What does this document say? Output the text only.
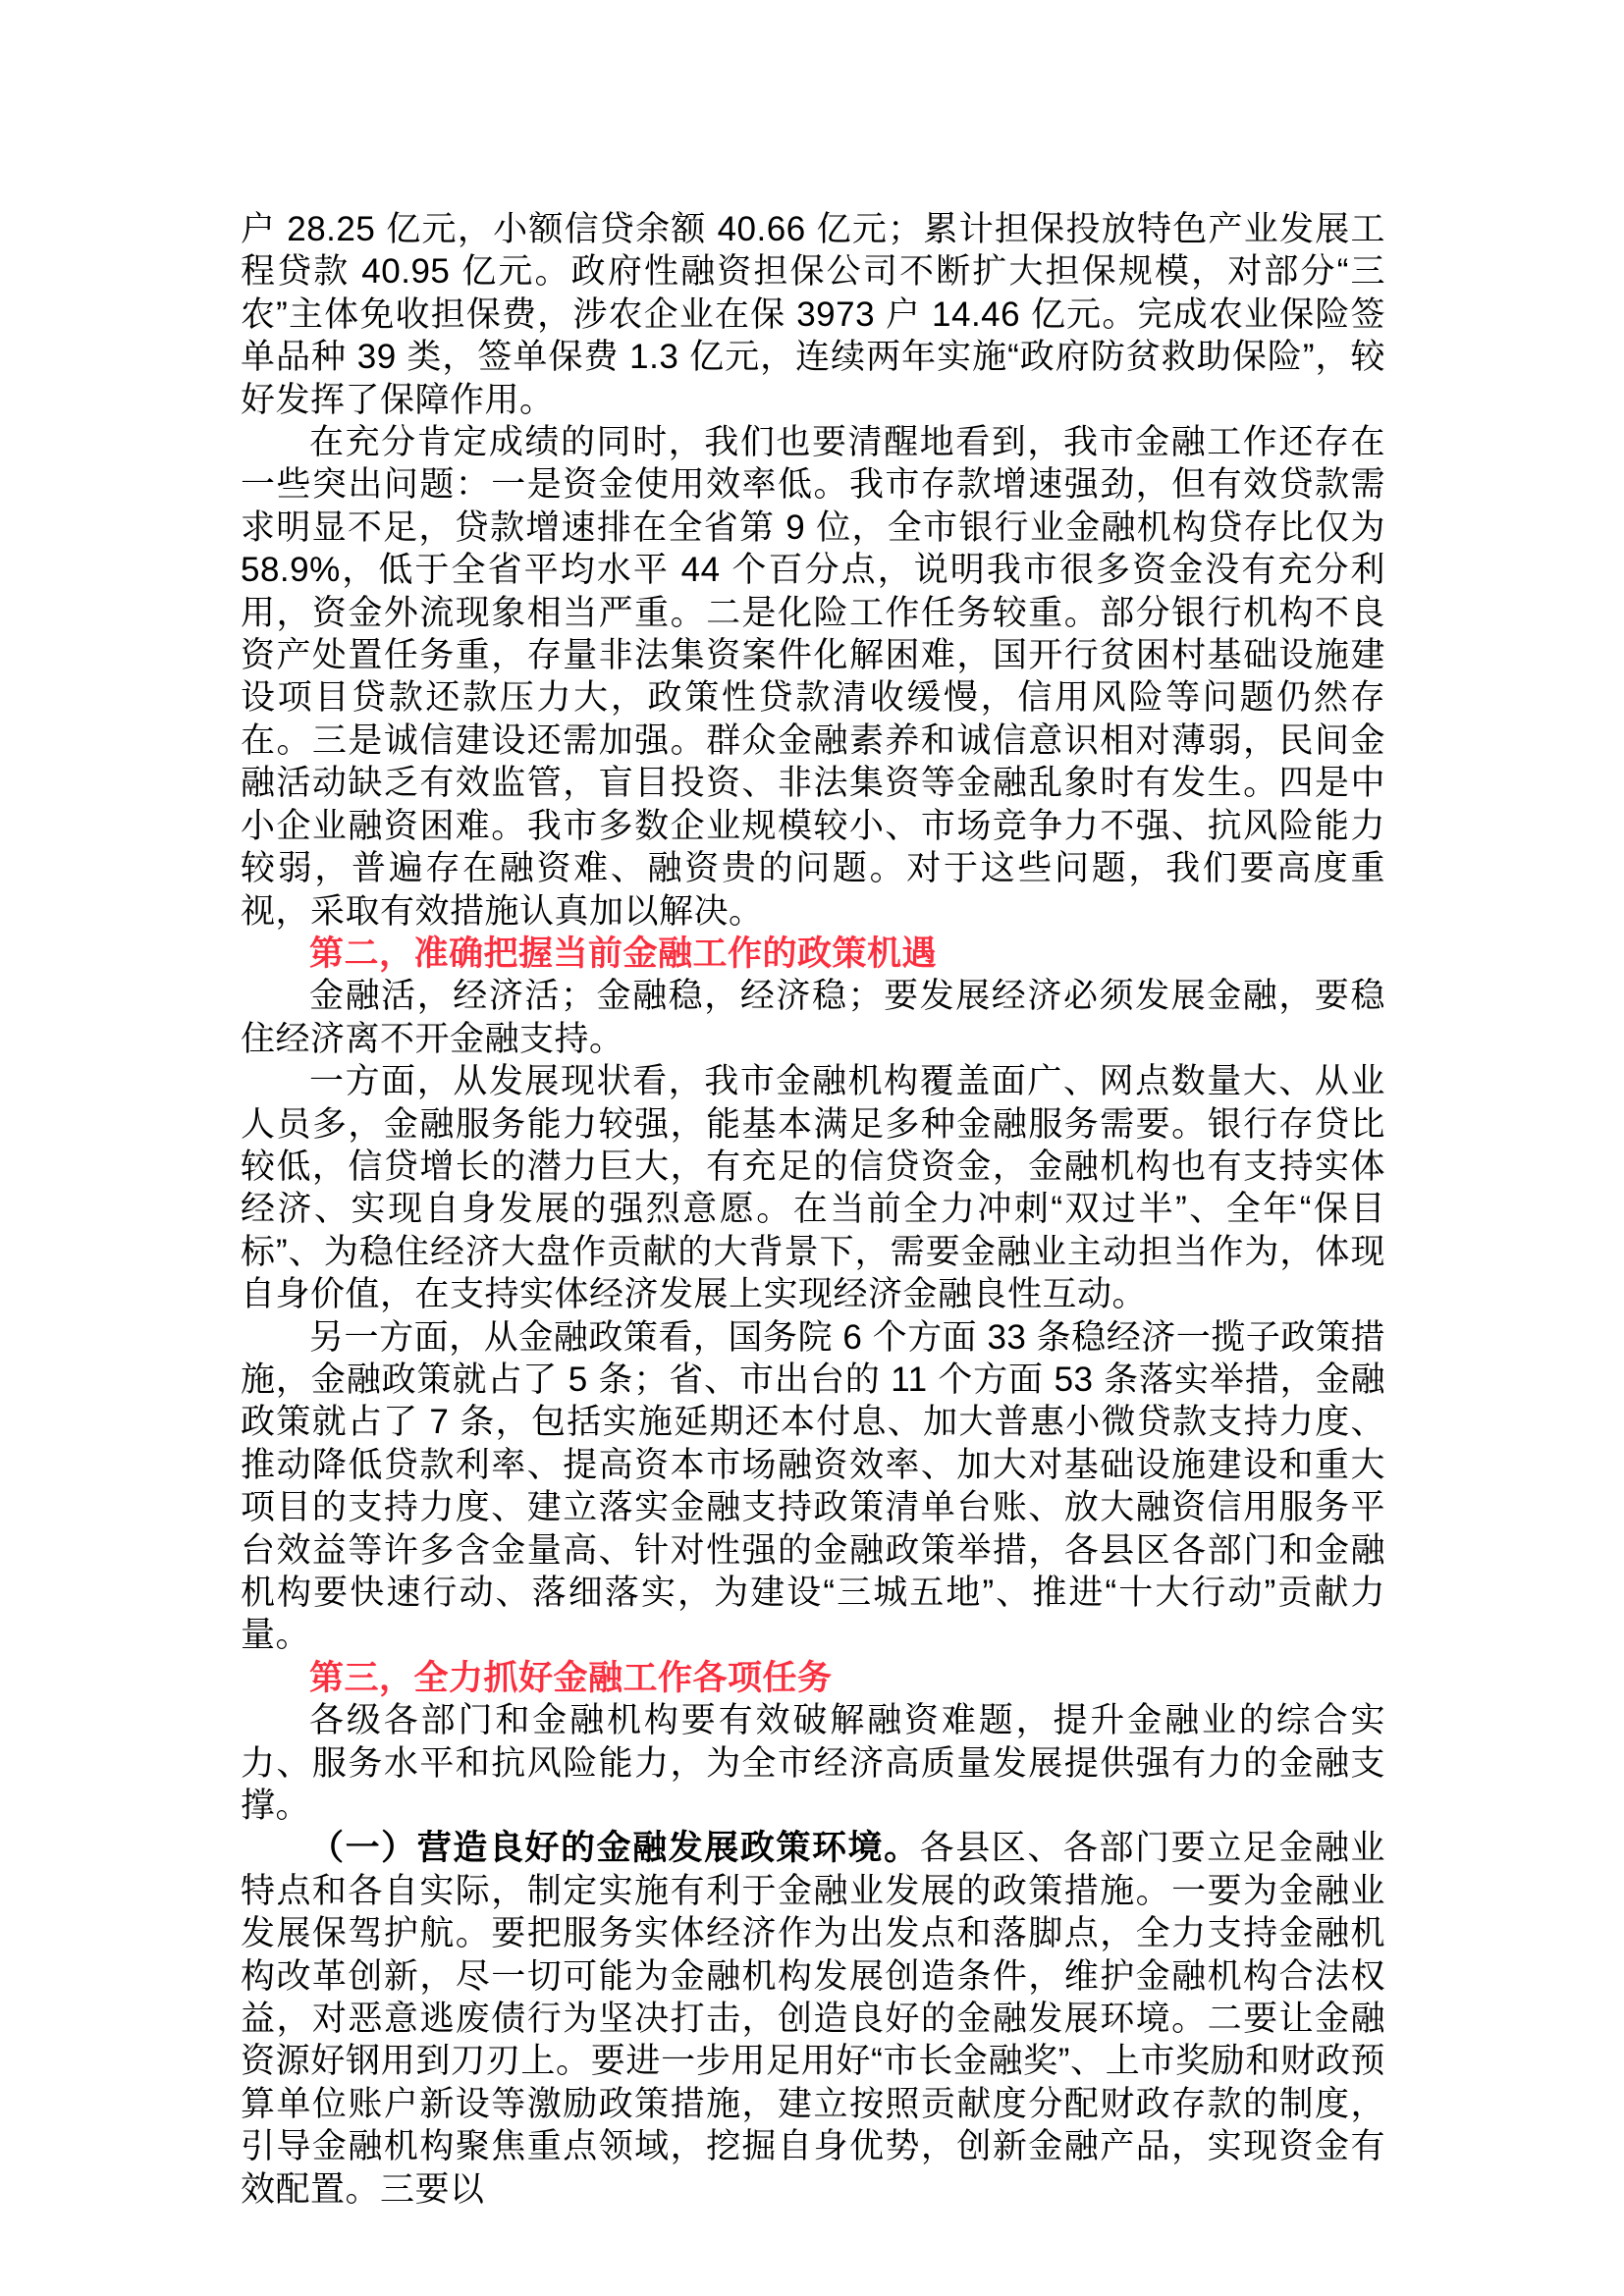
户 28.25 亿元，小额信贷余额 40.66 亿元；累计担保投放特色产业发展工程贷款 40.95 亿元。政府性融资担保公司不断扩大担保规模，对部分“三农”主体免收担保费，涉农企业在保 3973 户 14.46 亿元。完成农业保险签单品种 39 类，签单保费 1.3 亿元，连续两年实施“政府防贫救助保险”，较好发挥了保障作用。

在充分肯定成绩的同时，我们也要清醒地看到，我市金融工作还存在一些突出问题：一是资金使用效率低。我市存款增速强劲，但有效贷款需求明显不足，贷款增速排在全省第 9 位，全市银行业金融机构贷存比仅为 58.9%，低于全省平均水平 44 个百分点，说明我市很多资金没有充分利用，资金外流现象相当严重。二是化险工作任务较重。部分银行机构不良资产处置任务重，存量非法集资案件化解困难，国开行贫困村基础设施建设项目贷款还款压力大，政策性贷款清收缓慢，信用风险等问题仍然存在。三是诚信建设还需加强。群众金融素养和诚信意识相对薄弱，民间金融活动缺乏有效监管，盲目投资、非法集资等金融乱象时有发生。四是中小企业融资困难。我市多数企业规模较小、市场竞争力不强、抗风险能力较弱，普遍存在融资难、融资贵的问题。对于这些问题，我们要高度重视，采取有效措施认真加以解决。

第二，准确把握当前金融工作的政策机遇

金融活，经济活；金融稳，经济稳；要发展经济必须发展金融，要稳住经济离不开金融支持。

一方面，从发展现状看，我市金融机构覆盖面广、网点数量大、从业人员多，金融服务能力较强，能基本满足多种金融服务需要。银行存贷比较低，信贷增长的潜力巨大，有充足的信贷资金，金融机构也有支持实体经济、实现自身发展的强烈意愿。在当前全力冲刺“双过半”、全年“保目标”、为稳住经济大盘作贡献的大背景下，需要金融业主动担当作为，体现自身价值，在支持实体经济发展上实现经济金融良性互动。

另一方面，从金融政策看，国务院 6 个方面 33 条稳经济一揽子政策措施，金融政策就占了 5 条；省、市出台的 11 个方面 53 条落实举措，金融政策就占了 7 条，包括实施延期还本付息、加大普惠小微贷款支持力度、推动降低贷款利率、提高资本市场融资效率、加大对基础设施建设和重大项目的支持力度、建立落实金融支持政策清单台账、放大融资信用服务平台效益等许多含金量高、针对性强的金融政策举措，各县区各部门和金融机构要快速行动、落细落实，为建设“三城五地”、推进“十大行动”贡献力量。

第三，全力抓好金融工作各项任务

各级各部门和金融机构要有效破解融资难题，提升金融业的综合实力、服务水平和抗风险能力，为全市经济高质量发展提供强有力的金融支撑。

（一）营造良好的金融发展政策环境。各县区、各部门要立足金融业特点和各自实际，制定实施有利于金融业发展的政策措施。一要为金融业发展保驾护航。要把服务实体经济作为出发点和落脚点，全力支持金融机构改革创新，尽一切可能为金融机构发展创造条件，维护金融机构合法权益，对恶意逃废债行为坚决打击，创造良好的金融发展环境。二要让金融资源好钢用到刀刃上。要进一步用足用好“市长金融奖”、上市奖励和财政预算单位账户新设等激励政策措施，建立按照贡献度分配财政存款的制度，引导金融机构聚焦重点领域，挖掘自身优势，创新金融产品，实现资金有效配置。三要以
